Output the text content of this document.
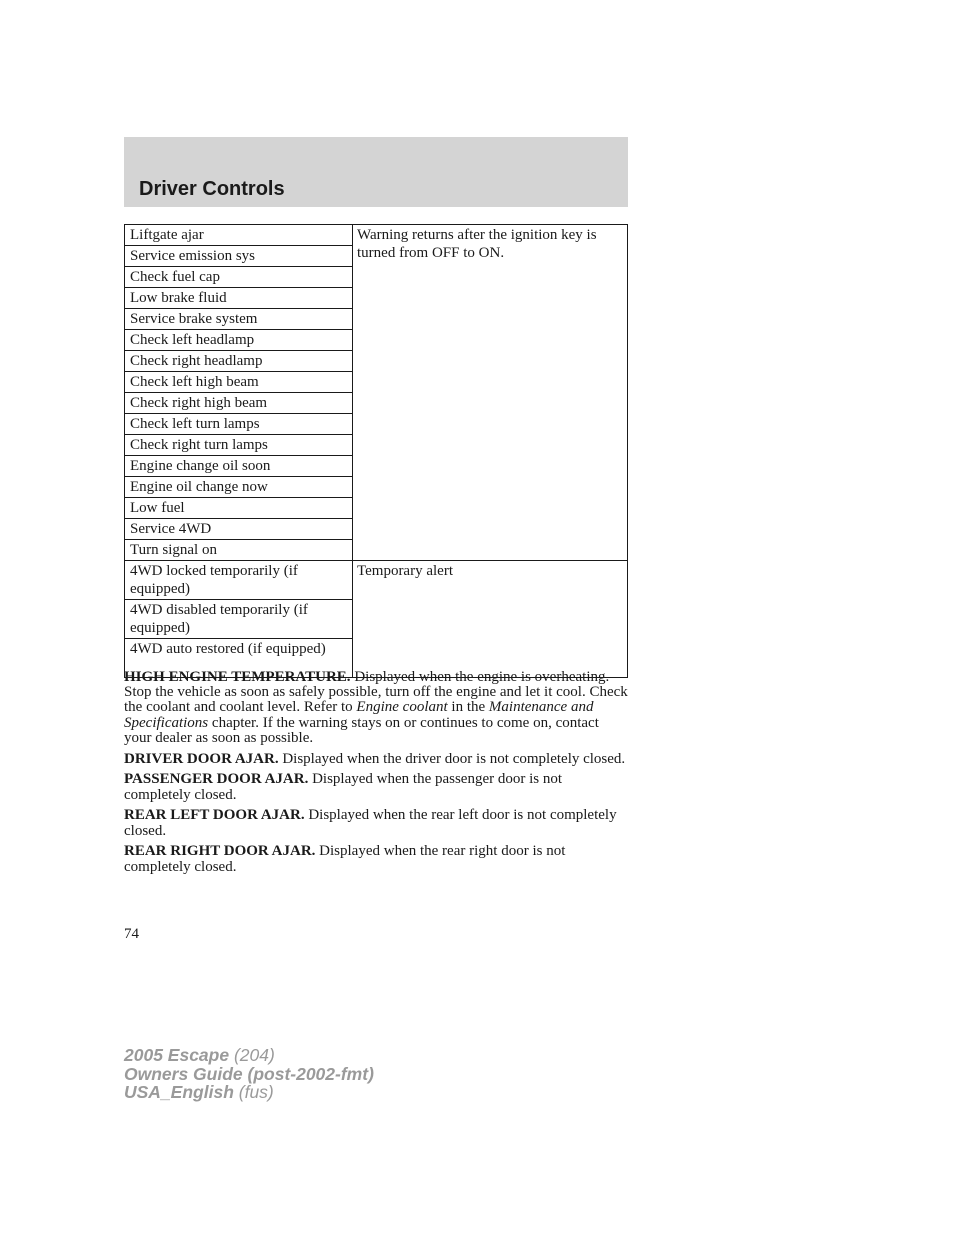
Driver Controls
Liftgate ajar	Warning returns after the ignition key is turned from OFF to ON.
Service emission sys	
Check fuel cap	
Low brake fluid	
Service brake system	
Check left headlamp	
Check right headlamp	
Check left high beam	
Check right high beam	
Check left turn lamps	
Check right turn lamps	
Engine change oil soon	
Engine oil change now	
Low fuel	
Service 4WD	
Turn signal on	
4WD locked temporarily (if equipped)	Temporary alert
4WD disabled temporarily (if equipped)	
4WD auto restored (if equipped)	

HIGH ENGINE TEMPERATURE. Displayed when the engine is overheating. Stop the vehicle as soon as safely possible, turn off the engine and let it cool. Check the coolant and coolant level. Refer to Engine coolant in the Maintenance and Specifications chapter. If the warning stays on or continues to come on, contact your dealer as soon as possible.

DRIVER DOOR AJAR. Displayed when the driver door is not completely closed.

PASSENGER DOOR AJAR. Displayed when the passenger door is not completely closed.

REAR LEFT DOOR AJAR. Displayed when the rear left door is not completely closed.

REAR RIGHT DOOR AJAR. Displayed when the rear right door is not completely closed.

74

2005 Escape (204)
Owners Guide (post-2002-fmt)
USA_English (fus)
